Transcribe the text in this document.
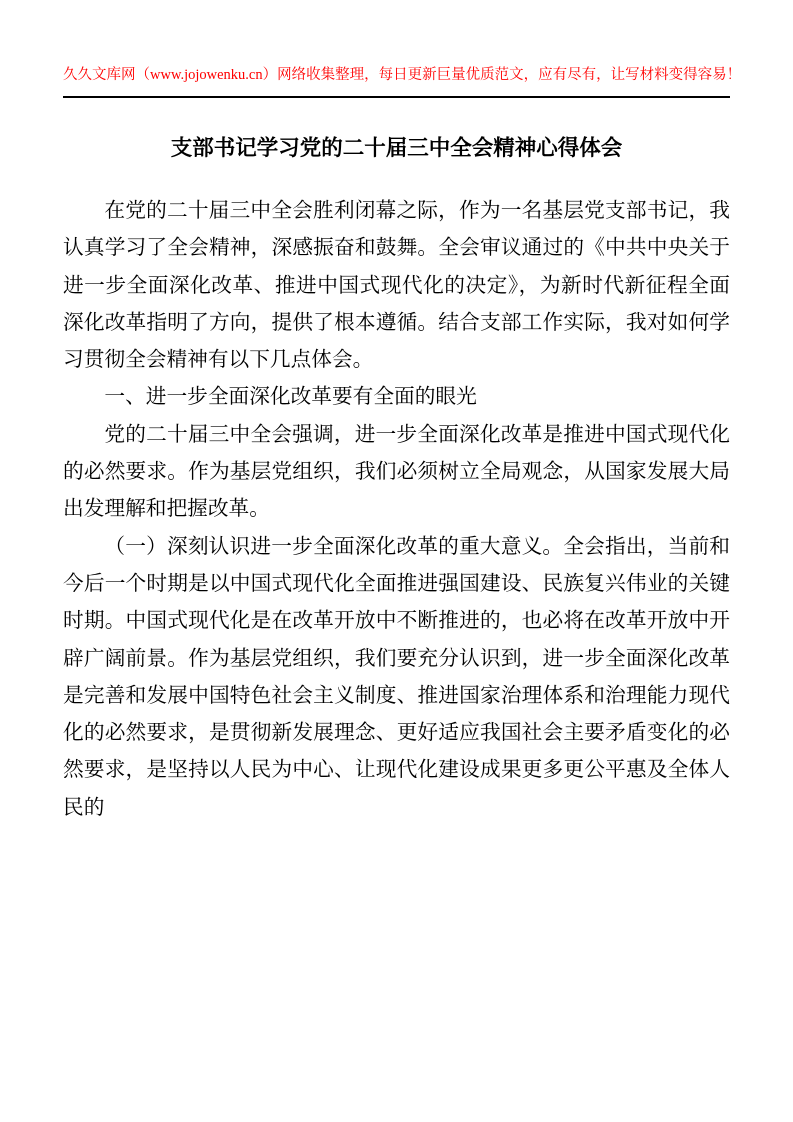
久久文库网（www.jojowenku.cn）网络收集整理，每日更新巨量优质范文，应有尽有，让写材料变得容易！
支部书记学习党的二十届三中全会精神心得体会

在党的二十届三中全会胜利闭幕之际，作为一名基层党支部书记，我认真学习了全会精神，深感振奋和鼓舞。全会审议通过的《中共中央关于进一步全面深化改革、推进中国式现代化的决定》，为新时代新征程全面深化改革指明了方向，提供了根本遵循。结合支部工作实际，我对如何学习贯彻全会精神有以下几点体会。

一、进一步全面深化改革要有全面的眼光

党的二十届三中全会强调，进一步全面深化改革是推进中国式现代化的必然要求。作为基层党组织，我们必须树立全局观念，从国家发展大局出发理解和把握改革。

（一）深刻认识进一步全面深化改革的重大意义。全会指出，当前和今后一个时期是以中国式现代化全面推进强国建设、民族复兴伟业的关键时期。中国式现代化是在改革开放中不断推进的，也必将在改革开放中开辟广阔前景。作为基层党组织，我们要充分认识到，进一步全面深化改革是完善和发展中国特色社会主义制度、推进国家治理体系和治理能力现代化的必然要求，是贯彻新发展理念、更好适应我国社会主要矛盾变化的必然要求，是坚持以人民为中心、让现代化建设成果更多更公平惠及全体人民的
